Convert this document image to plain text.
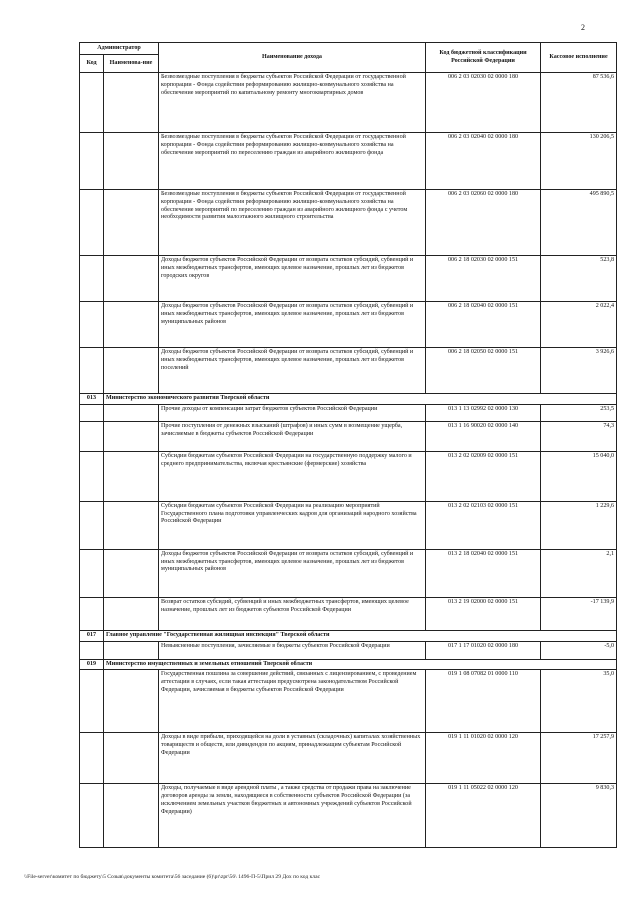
2
Администратор		Наименование дохода	Код бюджетной классификации Российской Федерации	Кассовое исполнение
Код	Наименова-ние			
		Безвозмездные поступления в бюджеты субъектов Российской Федерации от государственной корпорации - Фонда содействия реформированию жилищно-коммунального хозяйства на обеспечение мероприятий по капитальному ремонту многоквартирных домов	006 2 03 02030 02 0000 180	87 536,6
		Безвозмездные поступления в бюджеты субъектов Российской Федерации от государственной корпорации - Фонда содействия реформированию жилищно-коммунального хозяйства на обеспечение мероприятий по переселению граждан из аварийного жилищного фонда	006 2 03 02040 02 0000 180	130 206,5
		Безвозмездные поступления в бюджеты субъектов Российской Федерации от государственной корпорации - Фонда содействия реформированию жилищно-коммунального хозяйства на обеспечение мероприятий по переселению граждан из аварийного жилищного фонда с учетом необходимости развития малоэтажного жилищного строительства	006 2 03 02060 02 0000 180	495 890,5
		Доходы бюджетов субъектов Российской Федерации от возврата остатков субсидий, субвенций и иных межбюджетных трансфертов, имеющих целевое назначение, прошлых лет из бюджетов городских округов	006 2 18 02030 02 0000 151	523,8
		Доходы бюджетов субъектов Российской Федерации от возврата остатков субсидий, субвенций и иных межбюджетных трансфертов, имеющих целевое назначение, прошлых лет из бюджетов муниципальных районов	006 2 18 02040 02 0000 151	2 022,4
		Доходы бюджетов субъектов Российской Федерации от возврата остатков субсидий, субвенций и иных межбюджетных трансфертов, имеющих целевое назначение, прошлых лет из бюджетов поселений	006 2 18 02050 02 0000 151	3 926,6
013	Министерство экономического развития Тверской области			
		Прочие доходы от компенсации затрат бюджетов субъектов Российской Федерации	013 1 13 02992 02 0000 130	253,5
		Прочие поступления от денежных взысканий (штрафов) и иных сумм в возмещение ущерба, зачисляемые в бюджеты субъектов Российской Федерации	013 1 16 90020 02 0000 140	74,3
		Субсидии бюджетам субъектов Российской Федерации на государственную поддержку малого и среднего предпринимательства, включая крестьянские (фермерские) хозяйства	013 2 02 02009 02 0000 151	15 040,0
		Субсидии бюджетам субъектов Российской Федерации на реализацию мероприятий Государственного плана подготовки управленческих кадров для организаций народного хозяйства Российской Федерации	013 2 02 02103 02 0000 151	1 229,6
		Доходы бюджетов субъектов Российской Федерации от возврата остатков субсидий, субвенций и иных межбюджетных трансфертов, имеющих целевое назначение, прошлых лет из бюджетов муниципальных районов	013 2 18 02040 02 0000 151	2,1
		Возврат остатков субсидий, субвенций и иных межбюджетных трансфертов, имеющих целевое назначение, прошлых лет из бюджетов субъектов Российской Федерации	013 2 19 02000 02 0000 151	-17 139,9
017	Главное управление "Государственная жилищная инспекция" Тверской области			
		Невыясненные поступления, зачисляемые в бюджеты субъектов Российской Федерации	017 1 17 01020 02 0000 180	-5,0
019	Министерство имущественных и земельных отношений Тверской области			
		Государственная пошлина за совершение действий, связанных с лицензированием, с проведением аттестации в случаях, если такая аттестация предусмотрена законодательством Российской Федерации, зачисляемая в бюджеты субъектов Российской Федерации	019 1 08 07082 01 0000 110	35,0
		Доходы в виде прибыли, приходящейся на доли в уставных (складочных) капиталах хозяйственных товариществ и обществ, или дивидендов по акциям, принадлежащим субъектам Российской Федерации	019 1 11 01020 02 0000 120	17 257,9
		Доходы, получаемые в виде арендной платы , а также средства от продажи права на заключение договоров аренды за земли, находящиеся в собственности субъектов Российской Федерации (за исключением земельных участков бюджетных и автономных учреждений субъектов Российской Федерации)	019 1 11 05022 02 0000 120	9 830,3
\\File-server\комитет по бюджету\5 Созыв\документы комитета\56 заседание (6)\pr\zpr\56\ 1496-П-5\Прил 29 Дох по код клас
